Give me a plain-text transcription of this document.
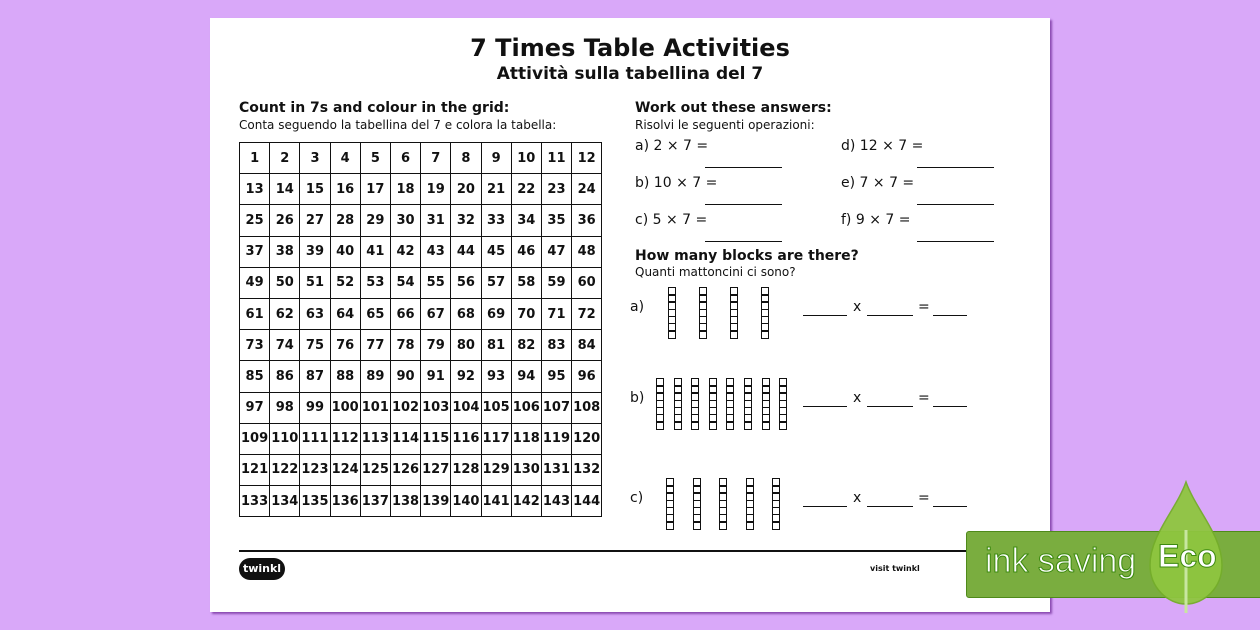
7 Times Table Activities
Attività sulla tabellina del 7
Count in 7s and colour in the grid:
Conta seguendo la tabellina del 7 e colora la tabella:
1	2	3	4	5	6	7	8	9	10	11	12
13	14	15	16	17	18	19	20	21	22	23	24
25	26	27	28	29	30	31	32	33	34	35	36
37	38	39	40	41	42	43	44	45	46	47	48
49	50	51	52	53	54	55	56	57	58	59	60
61	62	63	64	65	66	67	68	69	70	71	72
73	74	75	76	77	78	79	80	81	82	83	84
85	86	87	88	89	90	91	92	93	94	95	96
97	98	99	100	101	102	103	104	105	106	107	108
109	110	111	112	113	114	115	116	117	118	119	120
121	122	123	124	125	126	127	128	129	130	131	132
133	134	135	136	137	138	139	140	141	142	143	144
Work out these answers:
Risolvi le seguenti operazioni:
a) 2 × 7 =
b) 10 × 7 =
c) 5 × 7 =
d) 12 × 7 =
e) 7 × 7 =
f) 9 × 7 =
How many blocks are there?
Quanti mattoncini ci sono?
a)	x	=
b)	x	=
c)	x	=
twinkl	visit twinkl ink saving Eco
